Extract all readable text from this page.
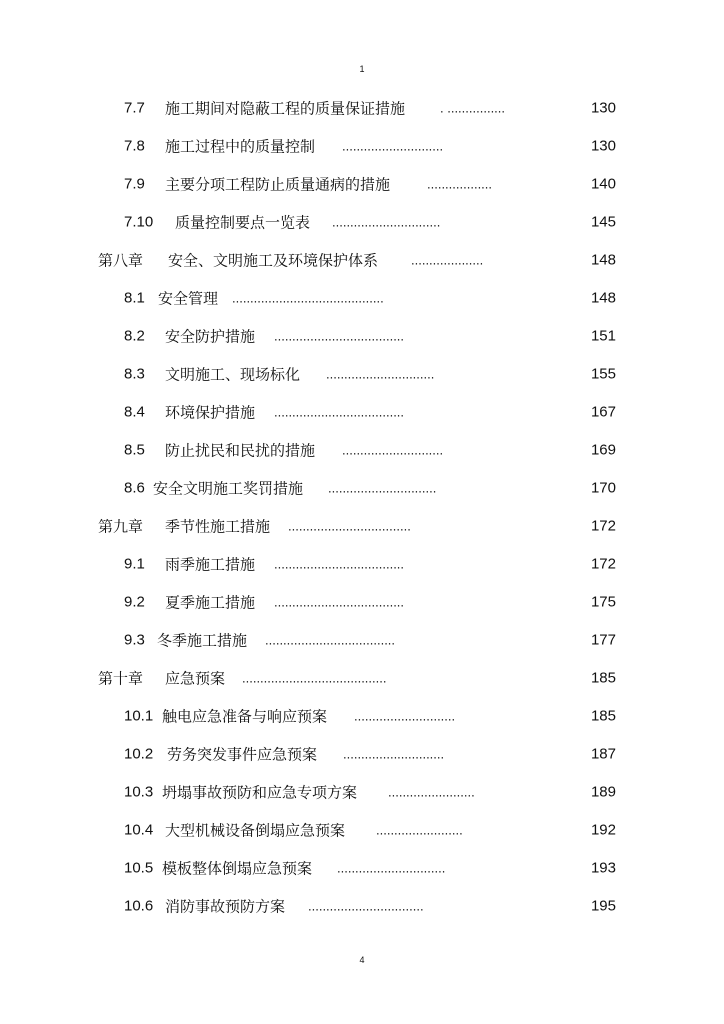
1
7.7 施工期间对隐蔽工程的质量保证措施	. ................	130
7.8 施工过程中的质量控制 ............................	130
7.9 主要分项工程防止质量通病的措施	..................	140
7.10 质量控制要点一览表 ..............................	145
第八章 安全、文明施工及环境保护体系	....................	148
8.1 安全管理 ..........................................	148
8.2 安全防护措施 ....................................	151
8.3 文明施工、现场标化 ..............................	155
8.4 环境保护措施 ....................................	167
8.5 防止扰民和民扰的措施 ............................	169
8.6 安全文明施工奖罚措施 ..............................	170
第九章 季节性施工措施 ..................................	172
9.1 雨季施工措施 ....................................	172
9.2 夏季施工措施 ....................................	175
9.3 冬季施工措施 ....................................	177
第十章 应急预案 ........................................	185
10.1 触电应急准备与响应预案 ............................	185
10.2 劳务突发事件应急预案 ............................	187
10.3 坍塌事故预防和应急专项方案 ........................	189
10.4 大型机械设备倒塌应急预案 ........................	192
10.5 模板整体倒塌应急预案 ..............................	193
10.6 消防事故预防方案 ................................	195
4
